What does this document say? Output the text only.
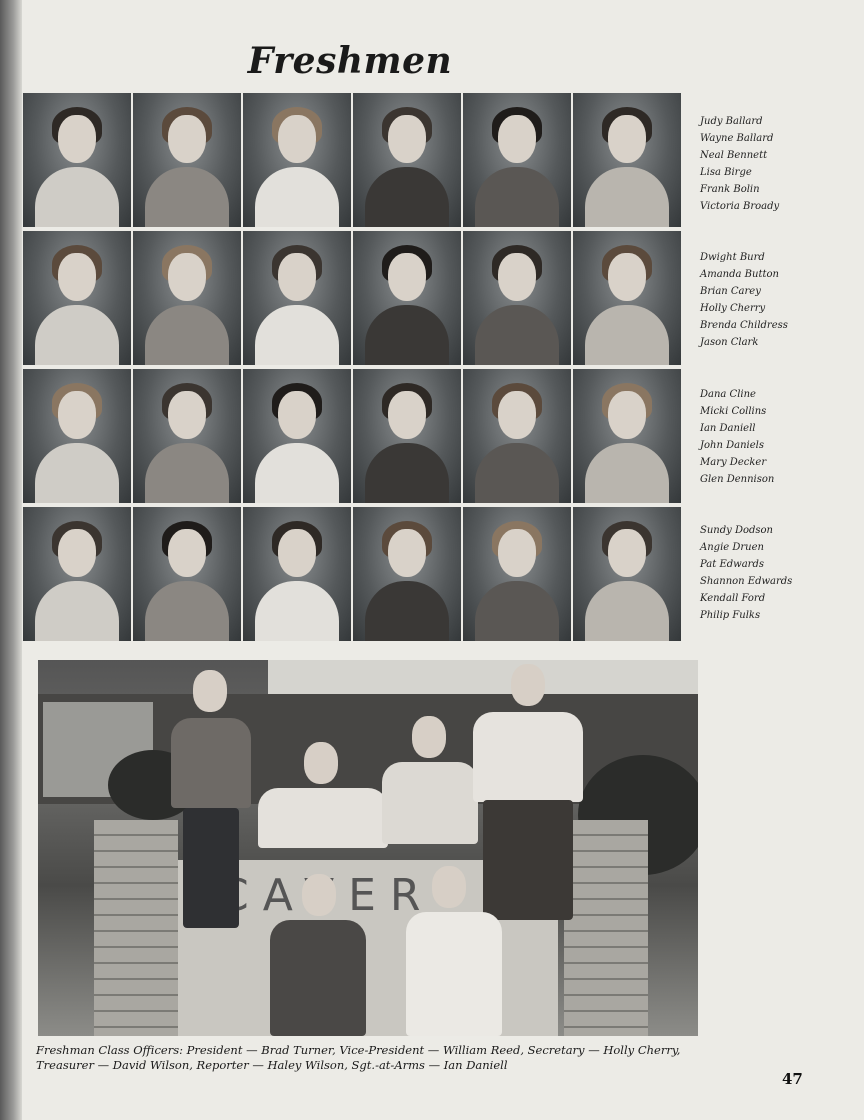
Freshmen
Judy Ballard
Wayne Ballard
Neal Bennett
Lisa Birge
Frank Bolin
Victoria Broady
Dwight Burd
Amanda Button
Brian Carey
Holly Cherry
Brenda Childress
Jason Clark
Dana Cline
Micki Collins
Ian Daniell
John Daniels
Mary Decker
Glen Dennison
Sundy Dodson
Angie Druen
Pat Edwards
Shannon Edwards
Kendall Ford
Philip Fulks
Freshman Class Officers: President — Brad Turner, Vice-President — William Reed, Secretary — Holly Cherry, Treasurer — David Wilson, Reporter — Haley Wilson, Sgt.-at-Arms — Ian Daniell
47
